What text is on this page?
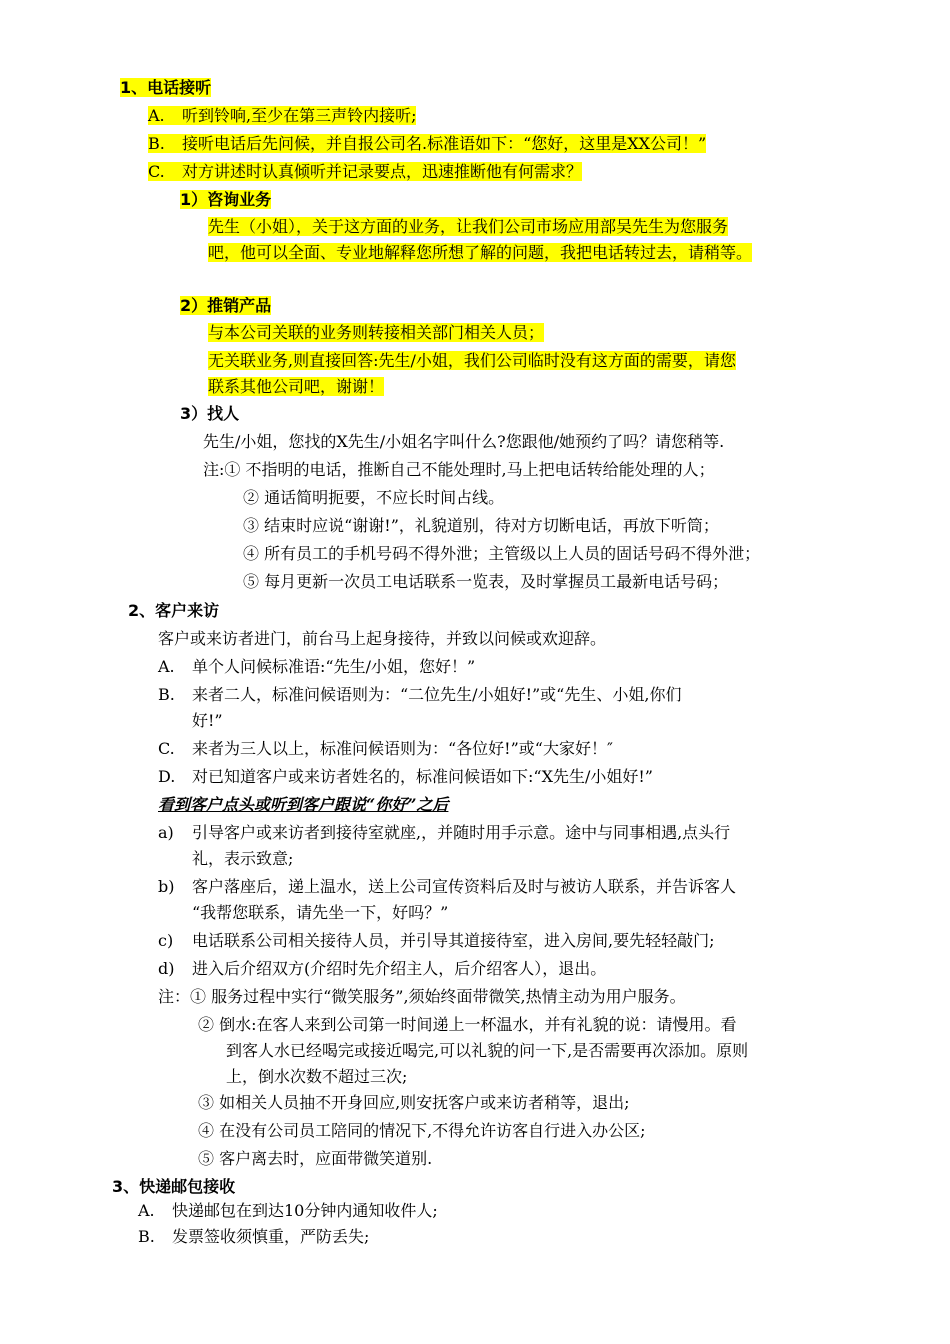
1、电话接听
A. 听到铃响,至少在第三声铃内接听;
B. 接听电话后先问候，并自报公司名.标准语如下：“您好，这里是XX公司！”
C. 对方讲述时认真倾听并记录要点，迅速推断他有何需求？
1）咨询业务
先生（小姐），关于这方面的业务，让我们公司市场应用部吴先生为您服务
吧，他可以全面、专业地解释您所想了解的问题，我把电话转过去，请稍等。
2）推销产品
与本公司关联的业务则转接相关部门相关人员；
无关联业务,则直接回答:先生/小姐，我们公司临时没有这方面的需要，请您
联系其他公司吧，谢谢！
3）找人
先生/小姐，您找的X先生/小姐名字叫什么?您跟他/她预约了吗？请您稍等.
注:① 不指明的电话，推断自己不能处理时,马上把电话转给能处理的人；
② 通话简明扼要，不应长时间占线。
③ 结束时应说“谢谢!”，礼貌道别，待对方切断电话，再放下听筒；
④ 所有员工的手机号码不得外泄；主管级以上人员的固话号码不得外泄；
⑤ 每月更新一次员工电话联系一览表，及时掌握员工最新电话号码；
2、客户来访
客户或来访者进门，前台马上起身接待，并致以问候或欢迎辞。
A. 单个人问候标准语:“先生/小姐，您好！”
B. 来者二人，标准问候语则为：“二位先生/小姐好!”或“先生、小姐,你们
好!”
C. 来者为三人以上，标准问候语则为：“各位好!”或“大家好！″
D. 对已知道客户或来访者姓名的，标准问候语如下:“X先生/小姐好!”
看到客户点头或听到客户跟说“你好”之后
a) 引导客户或来访者到接待室就座,，并随时用手示意。途中与同事相遇,点头行
礼，表示致意;
b) 客户落座后，递上温水，送上公司宣传资料后及时与被访人联系，并告诉客人
“我帮您联系，请先坐一下，好吗？”
c) 电话联系公司相关接待人员，并引导其道接待室，进入房间,要先轻轻敲门;
d) 进入后介绍双方(介绍时先介绍主人，后介绍客人），退出。
注：① 服务过程中实行“微笑服务”,须始终面带微笑,热情主动为用户服务。
② 倒水:在客人来到公司第一时间递上一杯温水，并有礼貌的说：请慢用。看
到客人水已经喝完或接近喝完,可以礼貌的问一下,是否需要再次添加。原则
上，倒水次数不超过三次;
③ 如相关人员抽不开身回应,则安抚客户或来访者稍等，退出;
④ 在没有公司员工陪同的情况下,不得允许访客自行进入办公区;
⑤ 客户离去时，应面带微笑道别.
3、快递邮包接收
A. 快递邮包在到达10分钟内通知收件人;
B. 发票签收须慎重，严防丢失;
